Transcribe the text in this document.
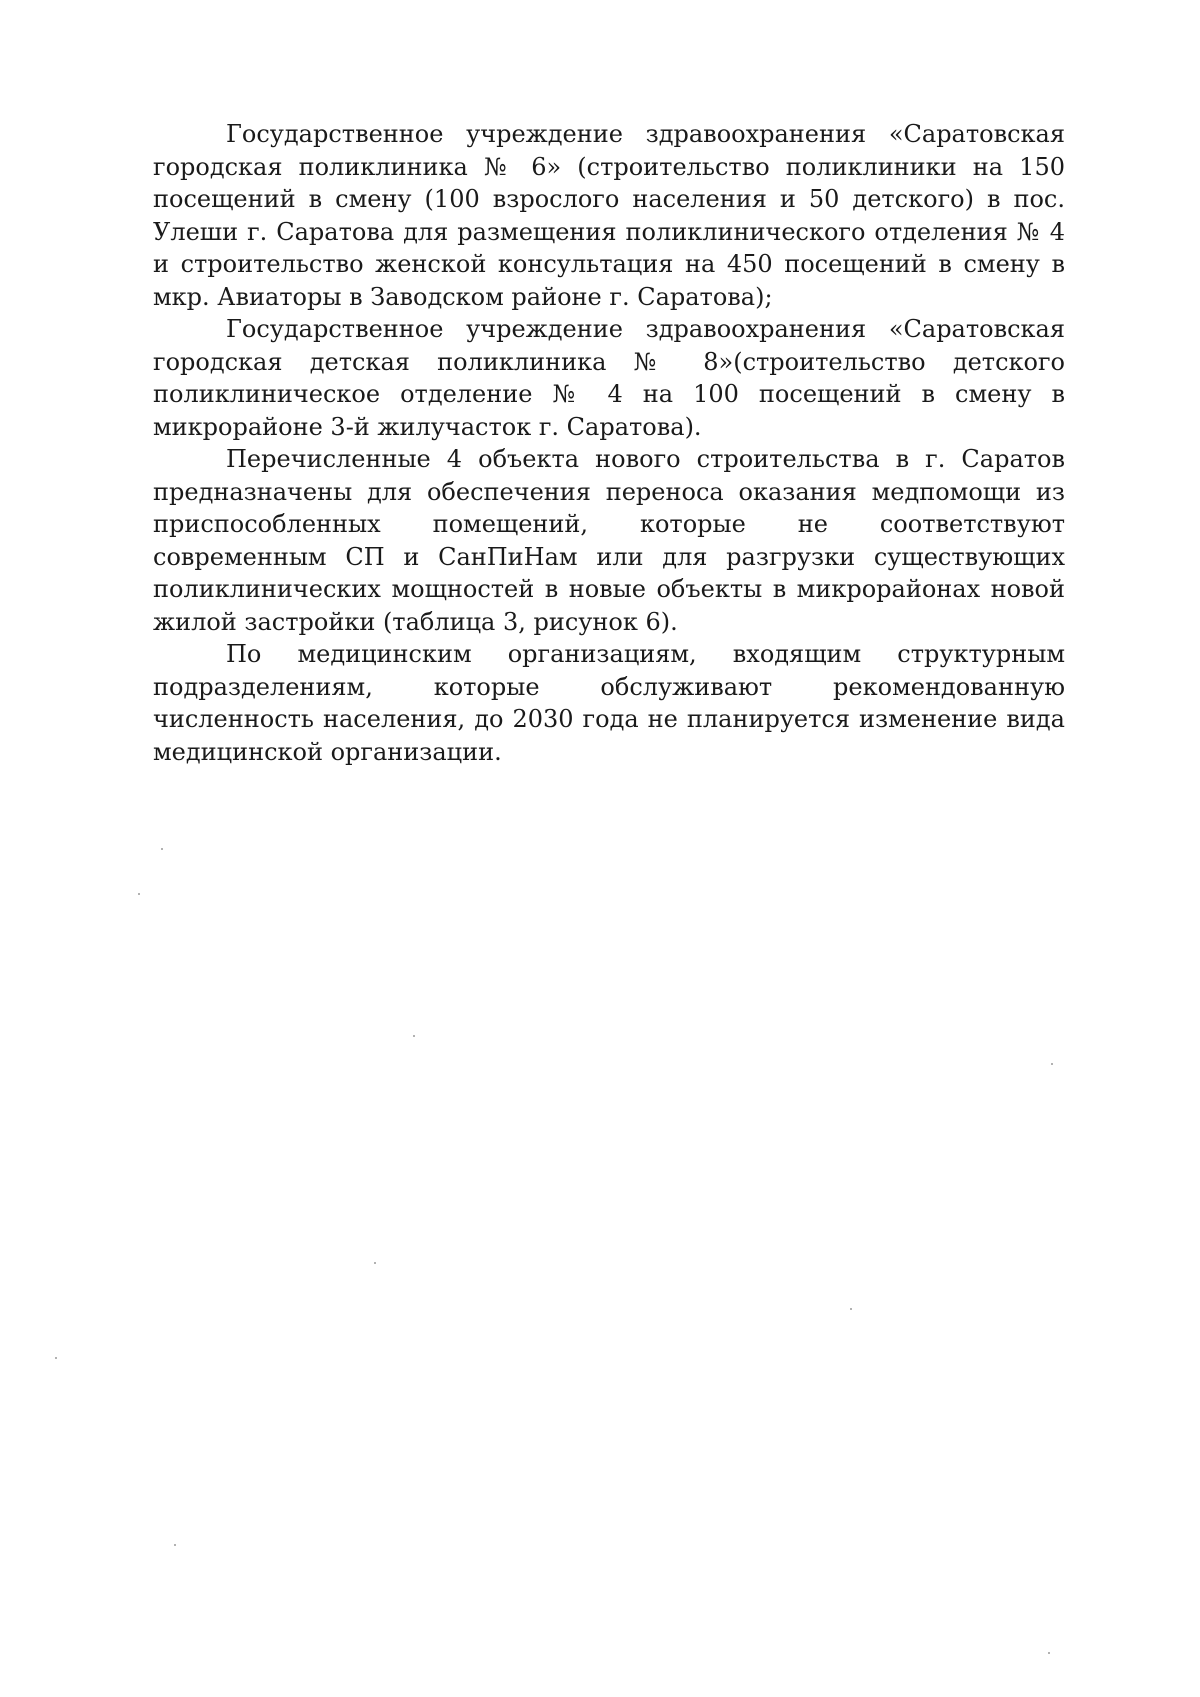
Государственное учреждение здравоохранения «Саратовская городская поликлиника № 6» (строительство поликлиники на 150 посещений в смену (100 взрослого населения и 50 детского) в пос. Улеши г. Саратова для размещения поликлинического отделения № 4 и строительство женской консультация на 450 посещений в смену в мкр. Авиаторы в Заводском районе г. Саратова);

Государственное учреждение здравоохранения «Саратовская городская детская поликлиника № 8»(строительство детского поликлиническое отделение № 4 на 100 посещений в смену в микрорайоне 3-й жилучасток г. Саратова).

Перечисленные 4 объекта нового строительства в г. Саратов предназначены для обеспечения переноса оказания медпомощи из приспособленных помещений, которые не соответствуют современным СП и СанПиНам или для разгрузки существующих поликлинических мощностей в новые объекты в микрорайонах новой жилой застройки (таблица 3, рисунок 6).

По медицинским организациям, входящим структурным подразделениям, которые обслуживают рекомендованную численность населения, до 2030 года не планируется изменение вида медицинской организации.
